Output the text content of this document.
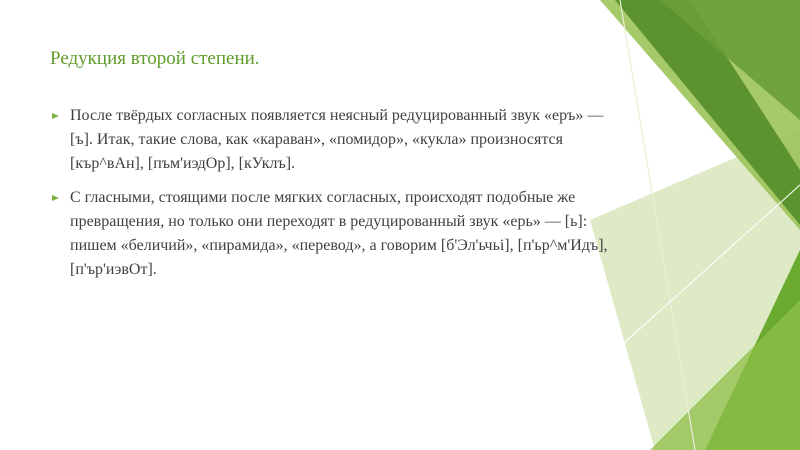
Редукция второй степени.
После твёрдых согласных появляется неясный редуцированный звук «еръ» — [ъ]. Итак, такие слова, как «караван», «помидор», «кукла» произносятся [кър^вАн], [пъм'иэдОр], [кУклъ].
С гласными, стоящими после мягких согласных, происходят подобные же превращения, но только они переходят в редуцированный звук «ерь» — [ь]: пишем «беличий», «пирамида», «перевод», а говорим [б'Эл'ьчьі], [п'ьр^м'Идъ], [п'ър'иэвОт].
